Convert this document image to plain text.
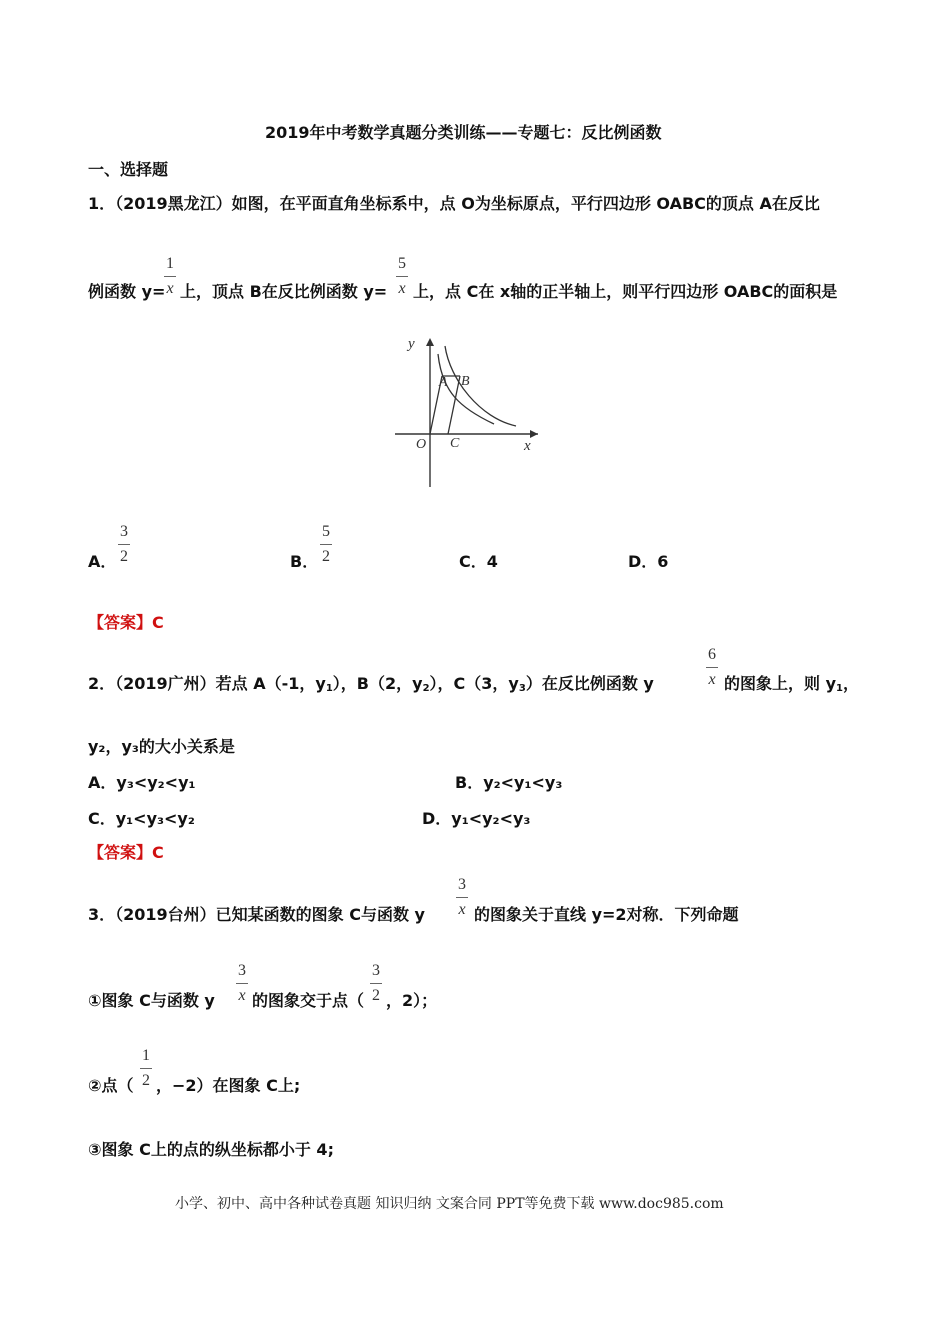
2019年中考数学真题分类训练——专题七：反比例函数
一、选择题
1．（2019黑龙江）如图，在平面直角坐标系中，点 O为坐标原点，平行四边形 OABC的顶点 A在反比
例函数 y=
1
x 上，顶点 B在反比例函数 y=
5
x 上，点 C在 x轴的正半轴上，则平行四边形 OABC的面积是
y
x
O
A B
C
A．
3
2	B．
5
2	C．4	D．6
【答案】C
2．（2019广州）若点 A（-1，$y_1$），B（2，$y_2$），C（3，$y_3$）在反比例函数 y
6
x 的图象上，则 $y_1$，
y₂，y₃的大小关系是
A．y₃<y₂<y₁	B．y₂<y₁<y₃
C．y₁<y₃<y₂	D．y₁<y₂<y₃
【答案】C
3．（2019台州）已知某函数的图象 C与函数 y
3
x 的图象关于直线 y=2对称．下列命题
①图象 C与函数 y
3
x 的图象交于点（
3
2 ，2）；
②点（
1
2 ，−2）在图象 C上;
③图象 C上的点的纵坐标都小于 4;
小学、初中、高中各种试卷真题 知识归纳 文案合同 PPT等免费下载 www.doc985.com
